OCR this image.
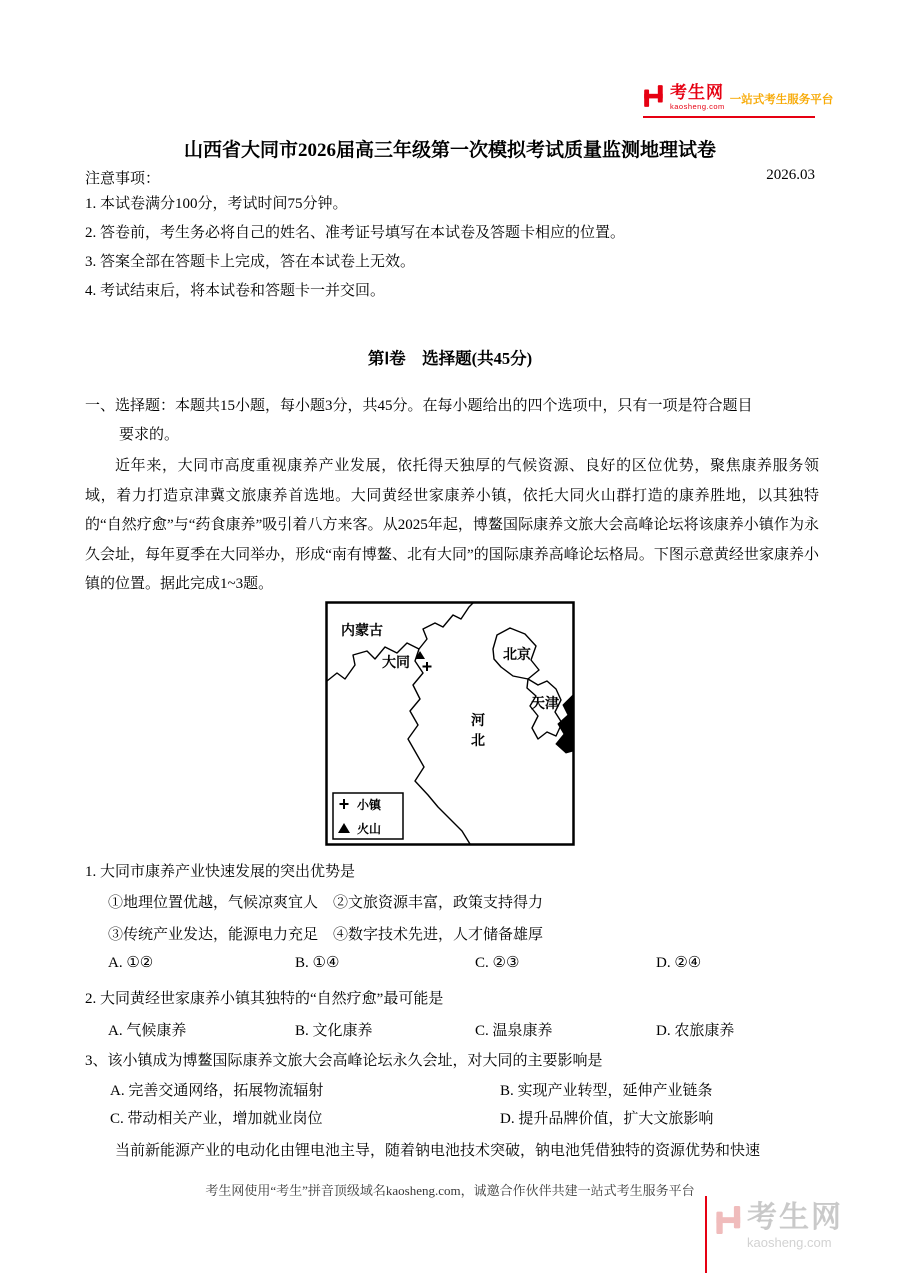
考生网
kaosheng.com
一站式考生服务平台
山西省大同市2026届高三年级第一次模拟考试质量监测地理试卷
注意事项：	2026.03
1. 本试卷满分100分，考试时间75分钟。
2. 答卷前，考生务必将自己的姓名、准考证号填写在本试卷及答题卡相应的位置。
3. 答案全部在答题卡上完成，答在本试卷上无效。
4. 考试结束后，将本试卷和答题卡一并交回。
第Ⅰ卷　选择题(共45分)
一、选择题：本题共15小题，每小题3分，共45分。在每小题给出的四个选项中，只有一项是符合题目
要求的。
近年来，大同市高度重视康养产业发展，依托得天独厚的气候资源、良好的区位优势，聚焦康养服务领域，着力打造京津冀文旅康养首选地。大同黄经世家康养小镇，依托大同火山群打造的康养胜地，以其独特的“自然疗愈”与“药食康养”吸引着八方来客。从2025年起，博鳌国际康养文旅大会高峰论坛将该康养小镇作为永久会址，每年夏季在大同举办，形成“南有博鳌、北有大同”的国际康养高峰论坛格局。下图示意黄经世家康养小镇的位置。据此完成1~3题。
大同
内蒙古
北京
天津
河
北
小镇
火山
1. 大同市康养产业快速发展的突出优势是
①地理位置优越，气候凉爽宜人　②文旅资源丰富，政策支持得力
③传统产业发达，能源电力充足　④数字技术先进，人才储备雄厚
A. ①②	B. ①④	C. ②③	D. ②④
2. 大同黄经世家康养小镇其独特的“自然疗愈”最可能是
A. 气候康养	B. 文化康养	C. 温泉康养	D. 农旅康养
3、该小镇成为博鳌国际康养文旅大会高峰论坛永久会址，对大同的主要影响是
A. 完善交通网络，拓展物流辐射	B. 实现产业转型，延伸产业链条
C. 带动相关产业，增加就业岗位	D. 提升品牌价值，扩大文旅影响
当前新能源产业的电动化由锂电池主导，随着钠电池技术突破，钠电池凭借独特的资源优势和快速
考生网使用“考生”拼音顶级域名kaosheng.com，诚邀合作伙伴共建一站式考生服务平台
考生网
kaosheng.com
